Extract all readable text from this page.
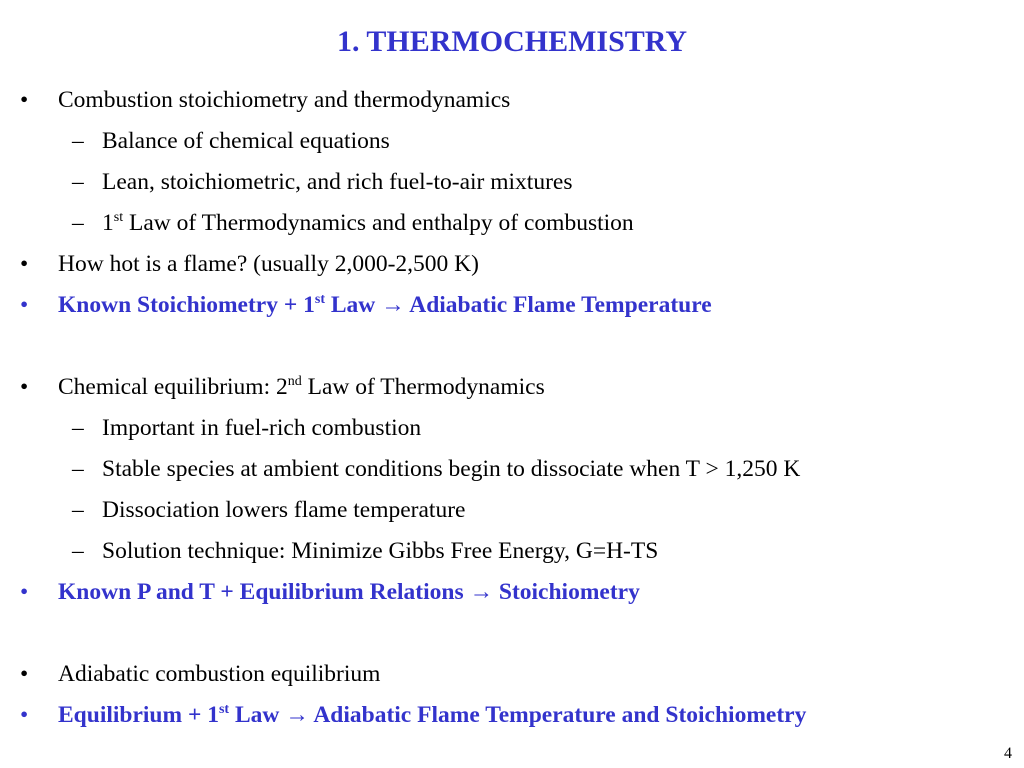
1. THERMOCHEMISTRY
• Combustion stoichiometry and thermodynamics
– Balance of chemical equations
– Lean, stoichiometric, and rich fuel-to-air mixtures
– 1st Law of Thermodynamics and enthalpy of combustion
• How hot is a flame? (usually 2,000-2,500 K)
• Known Stoichiometry + 1st Law → Adiabatic Flame Temperature
• Chemical equilibrium: 2nd Law of Thermodynamics
– Important in fuel-rich combustion
– Stable species at ambient conditions begin to dissociate when T > 1,250 K
– Dissociation lowers flame temperature
– Solution technique: Minimize Gibbs Free Energy, G=H-TS
• Known P and T + Equilibrium Relations → Stoichiometry
• Adiabatic combustion equilibrium
• Equilibrium + 1st Law → Adiabatic Flame Temperature and Stoichiometry
4
